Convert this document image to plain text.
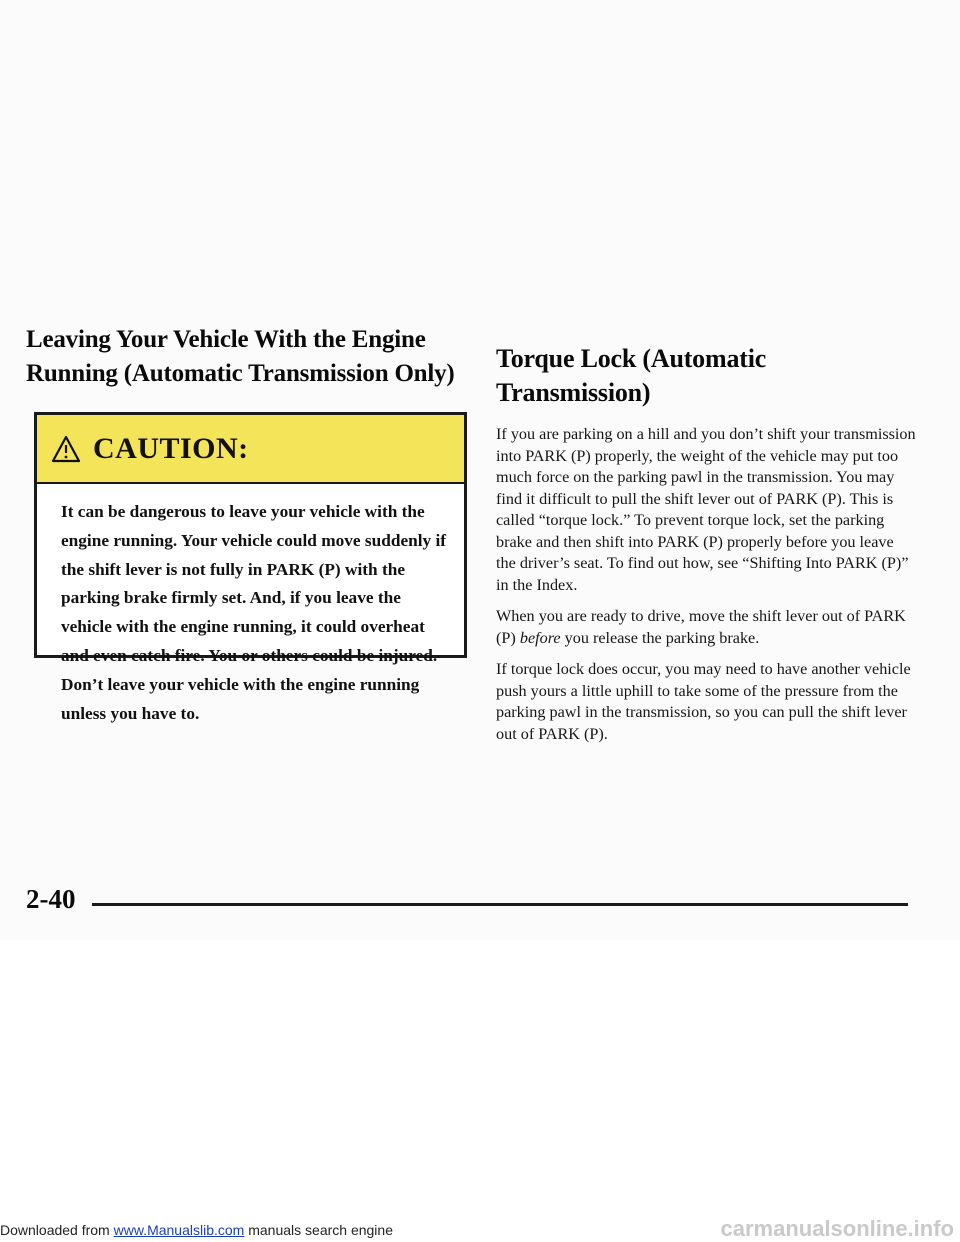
Leaving Your Vehicle With the Engine Running (Automatic Transmission Only)
CAUTION:
It can be dangerous to leave your vehicle with the engine running. Your vehicle could move suddenly if the shift lever is not fully in PARK (P) with the parking brake firmly set. And, if you leave the vehicle with the engine running, it could overheat and even catch fire. You or others could be injured. Don’t leave your vehicle with the engine running unless you have to.
Torque Lock (Automatic Transmission)

If you are parking on a hill and you don’t shift your transmission into PARK (P) properly, the weight of the vehicle may put too much force on the parking pawl in the transmission. You may find it difficult to pull the shift lever out of PARK (P). This is called “torque lock.” To prevent torque lock, set the parking brake and then shift into PARK (P) properly before you leave the driver’s seat. To find out how, see “Shifting Into PARK (P)” in the Index.

When you are ready to drive, move the shift lever out of PARK (P) before you release the parking brake.

If torque lock does occur, you may need to have another vehicle push yours a little uphill to take some of the pressure from the parking pawl in the transmission, so you can pull the shift lever out of PARK (P).

2-40
Downloaded from www.Manualslib.com manuals search engine	carmanualsonline.info
